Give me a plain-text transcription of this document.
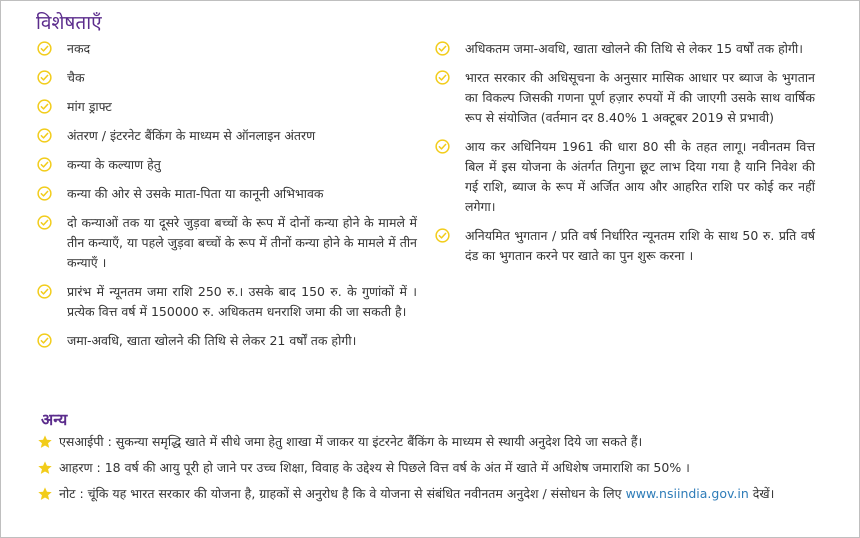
विशेषताएँ
नकद
चैक
मांग ड्राफ्ट
अंतरण / इंटरनेट बैंकिंग के माध्यम से ऑनलाइन अंतरण
कन्या के कल्याण हेतु
कन्या की ओर से उसके माता-पिता या कानूनी अभिभावक
दो कन्याओं तक या दूसरे जुड़वा बच्चों के रूप में दोनों कन्या होने के मामले में तीन कन्याएँ, या पहले जुड़वा बच्चों के रूप में तीनों कन्या होने के मामले में तीन कन्याएँ ।
प्रारंभ में न्यूनतम जमा राशि 250 रु.। उसके बाद 150 रु. के गुणांकों में । प्रत्येक वित्त वर्ष में 150000 रु. अधिकतम धनराशि जमा की जा सकती है।
जमा-अवधि, खाता खोलने की तिथि से लेकर 21 वर्षों तक होगी।
अधिकतम जमा-अवधि, खाता खोलने की तिथि से लेकर 15 वर्षों तक होगी।
भारत सरकार की अधिसूचना के अनुसार मासिक आधार पर ब्याज के भुगतान का विकल्प जिसकी गणना पूर्ण हज़ार रुपयों में की जाएगी उसके साथ वार्षिक रूप से संयोजित (वर्तमान दर 8.40% 1 अक्टूबर 2019 से प्रभावी)
आय कर अधिनियम 1961 की धारा 80 सी के तहत लागू। नवीनतम वित्त बिल में इस योजना के अंतर्गत तिगुना छूट लाभ दिया गया है यानि निवेश की गई राशि, ब्याज के रूप में अर्जित आय और आहरित राशि पर कोई कर नहीं लगेगा।
अनियमित भुगतान / प्रति वर्ष निर्धारित न्यूनतम राशि के साथ 50 रु. प्रति वर्ष दंड का भुगतान करने पर खाते का पुन शुरू करना ।
अन्य
एसआईपी : सुकन्या समृद्धि खाते में सीधे जमा हेतु शाखा में जाकर या इंटरनेट बैंकिंग के माध्यम से स्थायी अनुदेश दिये जा सकते हैं।
आहरण : 18 वर्ष की आयु पूरी हो जाने पर उच्च शिक्षा, विवाह के उद्देश्य से पिछले वित्त वर्ष के अंत में खाते में अधिशेष जमाराशि का 50% ।
नोट : चूंकि यह भारत सरकार की योजना है, ग्राहकों से अनुरोध है कि वे योजना से संबंधित नवीनतम अनुदेश / संसोधन के लिए www.nsiindia.gov.in देखें।
